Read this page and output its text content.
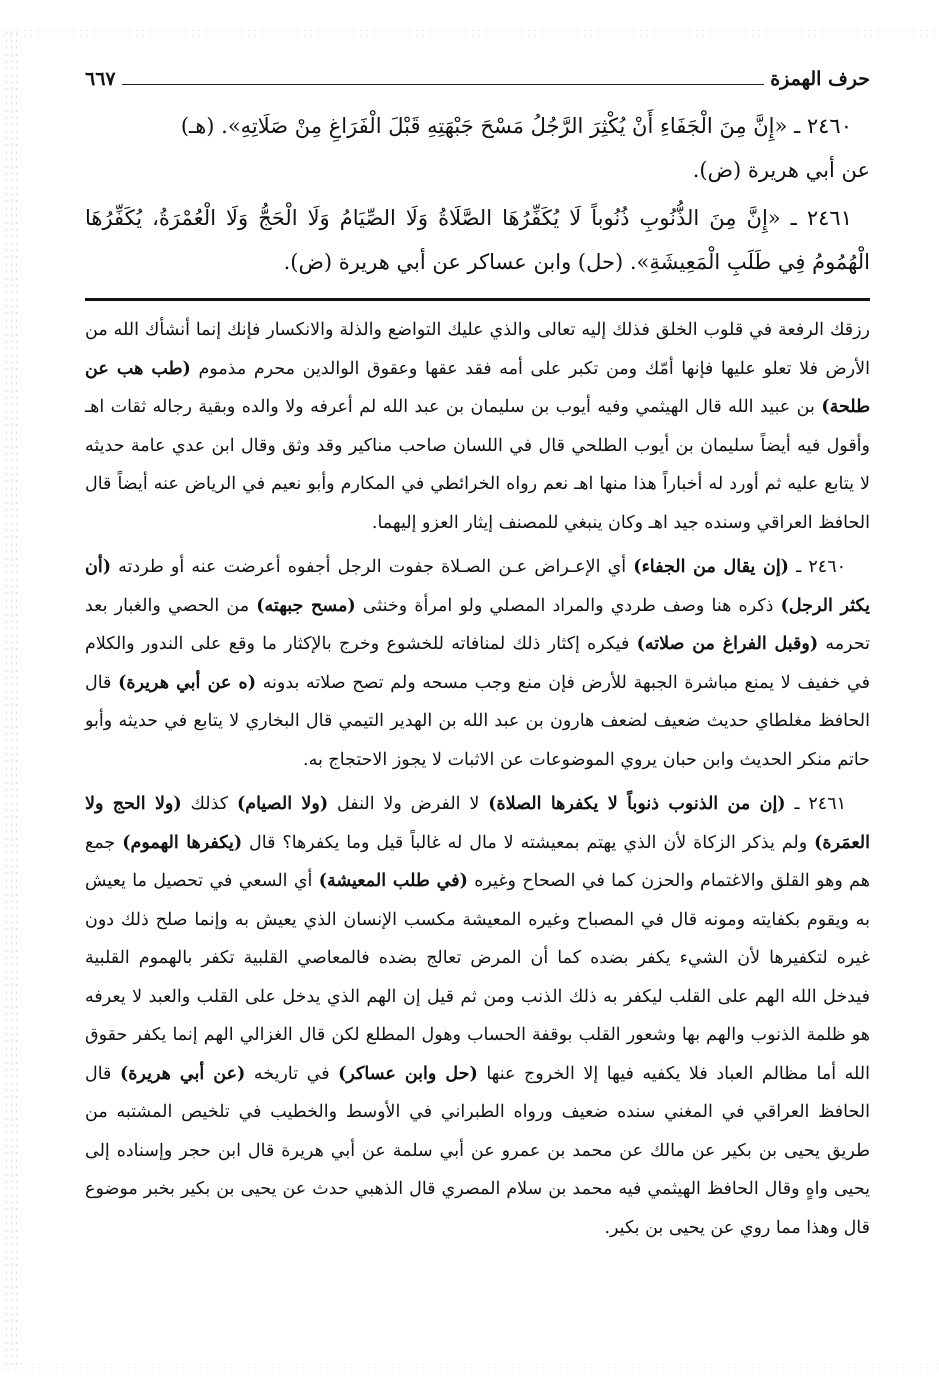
حرف الهمزة
٦٦٧

٢٤٦٠ ـ «إِنَّ مِنَ الْجَفَاءِ أَنْ يُكْثِرَ الرَّجُلُ مَسْحَ جَبْهَتِهِ قَبْلَ الْفَرَاغِ مِنْ صَلَاتِهِ». (هـ)
عن أبي هريرة (ض).

٢٤٦١ ـ «إِنَّ مِنَ الذُّنُوبِ ذُنُوباً لَا يُكَفِّرُهَا الصَّلَاةُ وَلَا الصِّيَامُ وَلَا الْحَجُّ وَلَا الْعُمْرَةُ، يُكَفِّرُهَا الْهُمُومُ فِي طَلَبِ الْمَعِيشَةِ». (حل) وابن عساكر عن أبي هريرة (ض).

رزقك الرفعة في قلوب الخلق فذلك إليه تعالى والذي عليك التواضع والذلة والانكسار فإنك إنما أنشأك الله من الأرض فلا تعلو عليها فإنها أمّك ومن تكبر على أمه فقد عقها وعقوق الوالدين محرم مذموم (طب هب عن طلحة) بن عبيد الله قال الهيثمي وفيه أيوب بن سليمان بن عبد الله لم أعرفه ولا والده وبقية رجاله ثقات اهـ وأقول فيه أيضاً سليمان بن أيوب الطلحي قال في اللسان صاحب مناكير وقد وثق وقال ابن عدي عامة حديثه لا يتابع عليه ثم أورد له أخباراً هذا منها اهـ نعم رواه الخرائطي في المكارم وأبو نعيم في الرياض عنه أيضاً قال الحافظ العراقي وسنده جيد اهـ وكان ينبغي للمصنف إيثار العزو إليهما.

٢٤٦٠ ـ (إن يقال من الجفاء) أي الإعـراض عـن الصـلاة جفوت الرجل أجفوه أعرضت عنه أو طردته (أن يكثر الرجل) ذكره هنا وصف طردي والمراد المصلي ولو امرأة وخنثى (مسح جبهته) من الحصي والغبار بعد تحرمه (وقبل الفراغ من صلاته) فيكره إكثار ذلك لمنافاته للخشوع وخرج بالإكثار ما وقع على الندور والكلام في خفيف لا يمنع مباشرة الجبهة للأرض فإن منع وجب مسحه ولم تصح صلاته بدونه (ه عن أبي هريرة) قال الحافظ مغلطاي حديث ضعيف لضعف هارون بن عبد الله بن الهدير التيمي قال البخاري لا يتابع في حديثه وأبو حاتم منكر الحديث وابن حبان يروي الموضوعات عن الاثبات لا يجوز الاحتجاج به.

٢٤٦١ ـ (إن من الذنوب ذنوباً لا يكفرها الصلاة) لا الفرض ولا النفل (ولا الصيام) كذلك (ولا الحج ولا العمَرة) ولم يذكر الزكاة لأن الذي يهتم بمعيشته لا مال له غالباً قيل وما يكفرها؟ قال (يكفرها الهموم) جمع هم وهو القلق والاغتمام والحزن كما في الصحاح وغيره (في طلب المعيشة) أي السعي في تحصيل ما يعيش به ويقوم بكفايته ومونه قال في المصباح وغيره المعيشة مكسب الإنسان الذي يعيش به وإنما صلح ذلك دون غيره لتكفيرها لأن الشيء يكفر بضده كما أن المرض تعالج بضده فالمعاصي القلبية تكفر بالهموم القلبية فيدخل الله الهم على القلب ليكفر به ذلك الذنب ومن ثم قيل إن الهم الذي يدخل على القلب والعبد لا يعرفه هو ظلمة الذنوب والهم بها وشعور القلب بوقفة الحساب وهول المطلع لكن قال الغزالي الهم إنما يكفر حقوق الله أما مظالم العباد فلا يكفيه فيها إلا الخروج عنها (حل وابن عساكر) في تاريخه (عن أبي هريرة) قال الحافظ العراقي في المغني سنده ضعيف ورواه الطبراني في الأوسط والخطيب في تلخيص المشتبه من طريق يحيى بن بكير عن مالك عن محمد بن عمرو عن أبي سلمة عن أبي هريرة قال ابن حجر وإسناده إلى يحيى واهٍ وقال الحافظ الهيثمي فيه محمد بن سلام المصري قال الذهبي حدث عن يحيى بن بكير بخبر موضوع قال وهذا مما روي عن يحيى بن بكير.
